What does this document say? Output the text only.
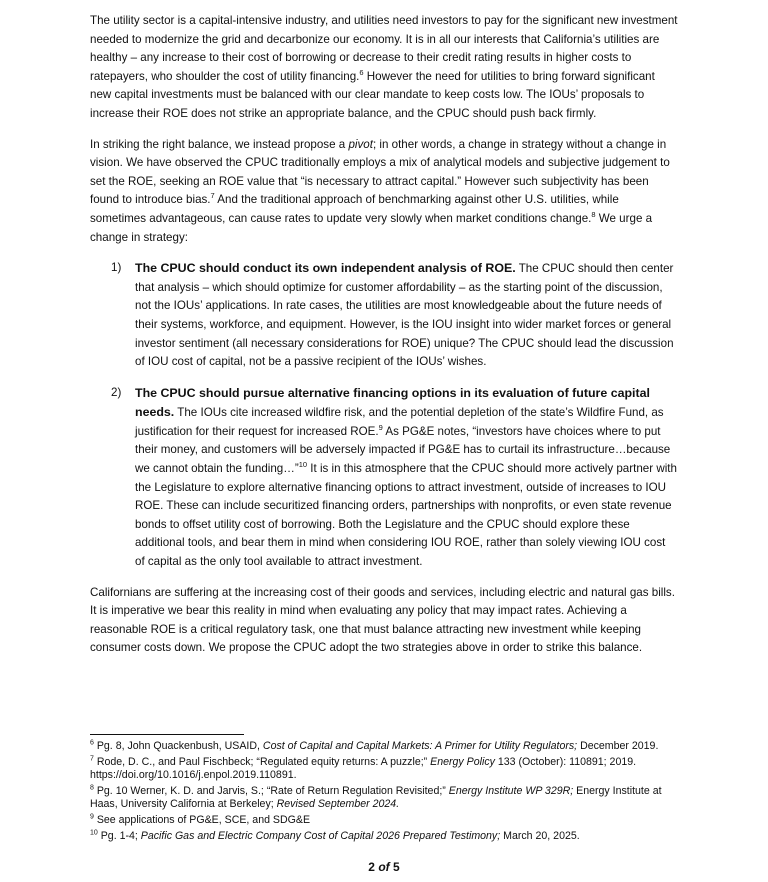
The utility sector is a capital-intensive industry, and utilities need investors to pay for the significant new investment needed to modernize the grid and decarbonize our economy. It is in all our interests that California’s utilities are healthy – any increase to their cost of borrowing or decrease to their credit rating results in higher costs to ratepayers, who shoulder the cost of utility financing.$^6$ However the need for utilities to bring forward significant new capital investments must be balanced with our clear mandate to keep costs low. The IOUs’ proposals to increase their ROE does not strike an appropriate balance, and the CPUC should push back firmly.

In striking the right balance, we instead propose a pivot; in other words, a change in strategy without a change in vision. We have observed the CPUC traditionally employs a mix of analytical models and subjective judgement to set the ROE, seeking an ROE value that “is necessary to attract capital.” However such subjectivity has been found to introduce bias.$^7$ And the traditional approach of benchmarking against other U.S. utilities, while sometimes advantageous, can cause rates to update very slowly when market conditions change.$^8$ We urge a change in strategy:

1) The CPUC should conduct its own independent analysis of ROE. The CPUC should then center that analysis – which should optimize for customer affordability – as the starting point of the discussion, not the IOUs’ applications. In rate cases, the utilities are most knowledgeable about the future needs of their systems, workforce, and equipment. However, is the IOU insight into wider market forces or general investor sentiment (all necessary considerations for ROE) unique? The CPUC should lead the discussion of IOU cost of capital, not be a passive recipient of the IOUs’ wishes.
2) The CPUC should pursue alternative financing options in its evaluation of future capital needs. The IOUs cite increased wildfire risk, and the potential depletion of the state’s Wildfire Fund, as justification for their request for increased ROE.$^9$ As PG&E notes, “investors have choices where to put their money, and customers will be adversely impacted if PG&E has to curtail its infrastructure…because we cannot obtain the funding…”$^{10}$ It is in this atmosphere that the CPUC should more actively partner with the Legislature to explore alternative financing options to attract investment, outside of increases to IOU ROE. These can include securitized financing orders, partnerships with nonprofits, or even state revenue bonds to offset utility cost of borrowing. Both the Legislature and the CPUC should explore these additional tools, and bear them in mind when considering IOU ROE, rather than solely viewing IOU cost of capital as the only tool available to attract investment.

Californians are suffering at the increasing cost of their goods and services, including electric and natural gas bills. It is imperative we bear this reality in mind when evaluating any policy that may impact rates. Achieving a reasonable ROE is a critical regulatory task, one that must balance attracting new investment while keeping consumer costs down. We propose the CPUC adopt the two strategies above in order to strike this balance.

$^6$ Pg. 8, John Quackenbush, USAID, Cost of Capital and Capital Markets: A Primer for Utility Regulators; December 2019.

$^7$ Rode, D. C., and Paul Fischbeck; “Regulated equity returns: A puzzle;” Energy Policy 133 (October): 110891; 2019. https://doi.org/10.1016/j.enpol.2019.110891.

$^8$ Pg. 10 Werner, K. D. and Jarvis, S.; “Rate of Return Regulation Revisited;” Energy Institute WP 329R; Energy Institute at Haas, University California at Berkeley; Revised September 2024.

$^9$ See applications of PG&E, SCE, and SDG&E

$^{10}$ Pg. 1-4; Pacific Gas and Electric Company Cost of Capital 2026 Prepared Testimony; March 20, 2025.

2 of 5
